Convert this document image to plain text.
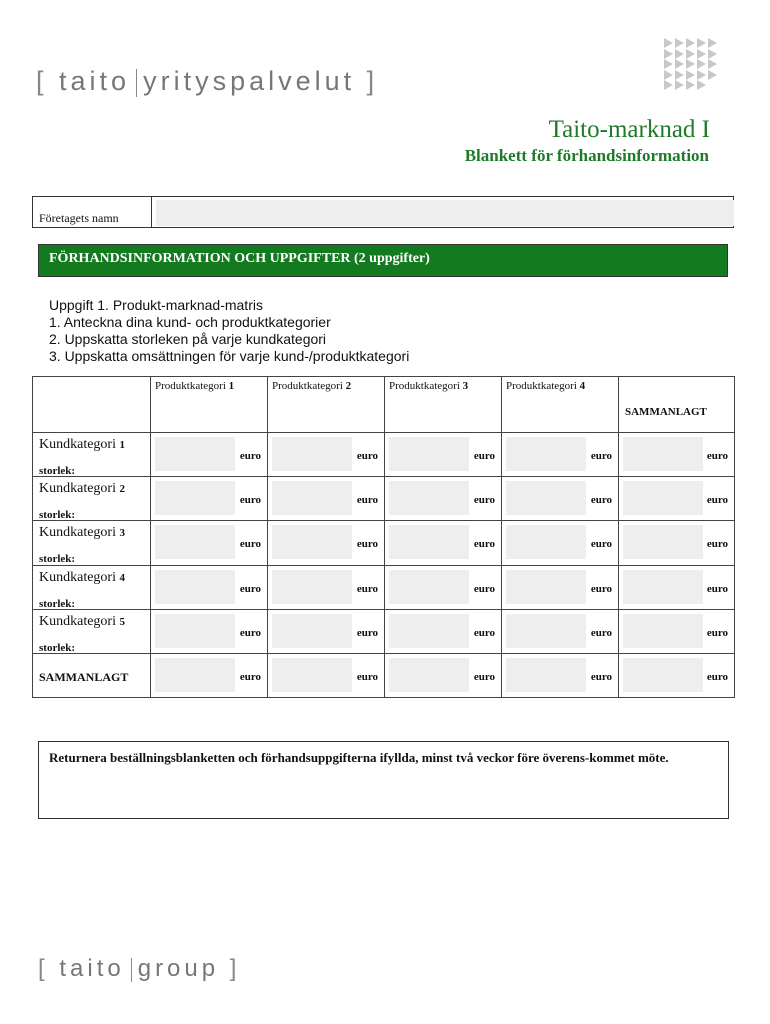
[ taito yrityspalvelut ]
Taito-marknad I
Blankett för förhandsinformation
Företagets namn
FÖRHANDSINFORMATION OCH UPPGIFTER (2 uppgifter)
Uppgift 1. Produkt-marknad-matris
1. Anteckna dina kund- och produktkategorier
2. Uppskatta storleken på varje kundkategori
3. Uppskatta omsättningen för varje kund-/produktkategori

	Produktkategori 1	Produktkategori 2	Produktkategori 3	Produktkategori 4	SAMMANLAGT

Kundkategori 1
storlek:	euro	euro	euro	euro	euro

Kundkategori 2
storlek:	euro	euro	euro	euro	euro

Kundkategori 3
storlek:	euro	euro	euro	euro	euro

Kundkategori 4
storlek:	euro	euro	euro	euro	euro

Kundkategori 5
storlek:	euro	euro	euro	euro	euro

SAMMANLAGT	euro	euro	euro	euro	euro
Returnera beställningsblanketten och förhandsuppgifterna ifyllda, minst två veckor före överens-kommet möte.
[ taito group ]
